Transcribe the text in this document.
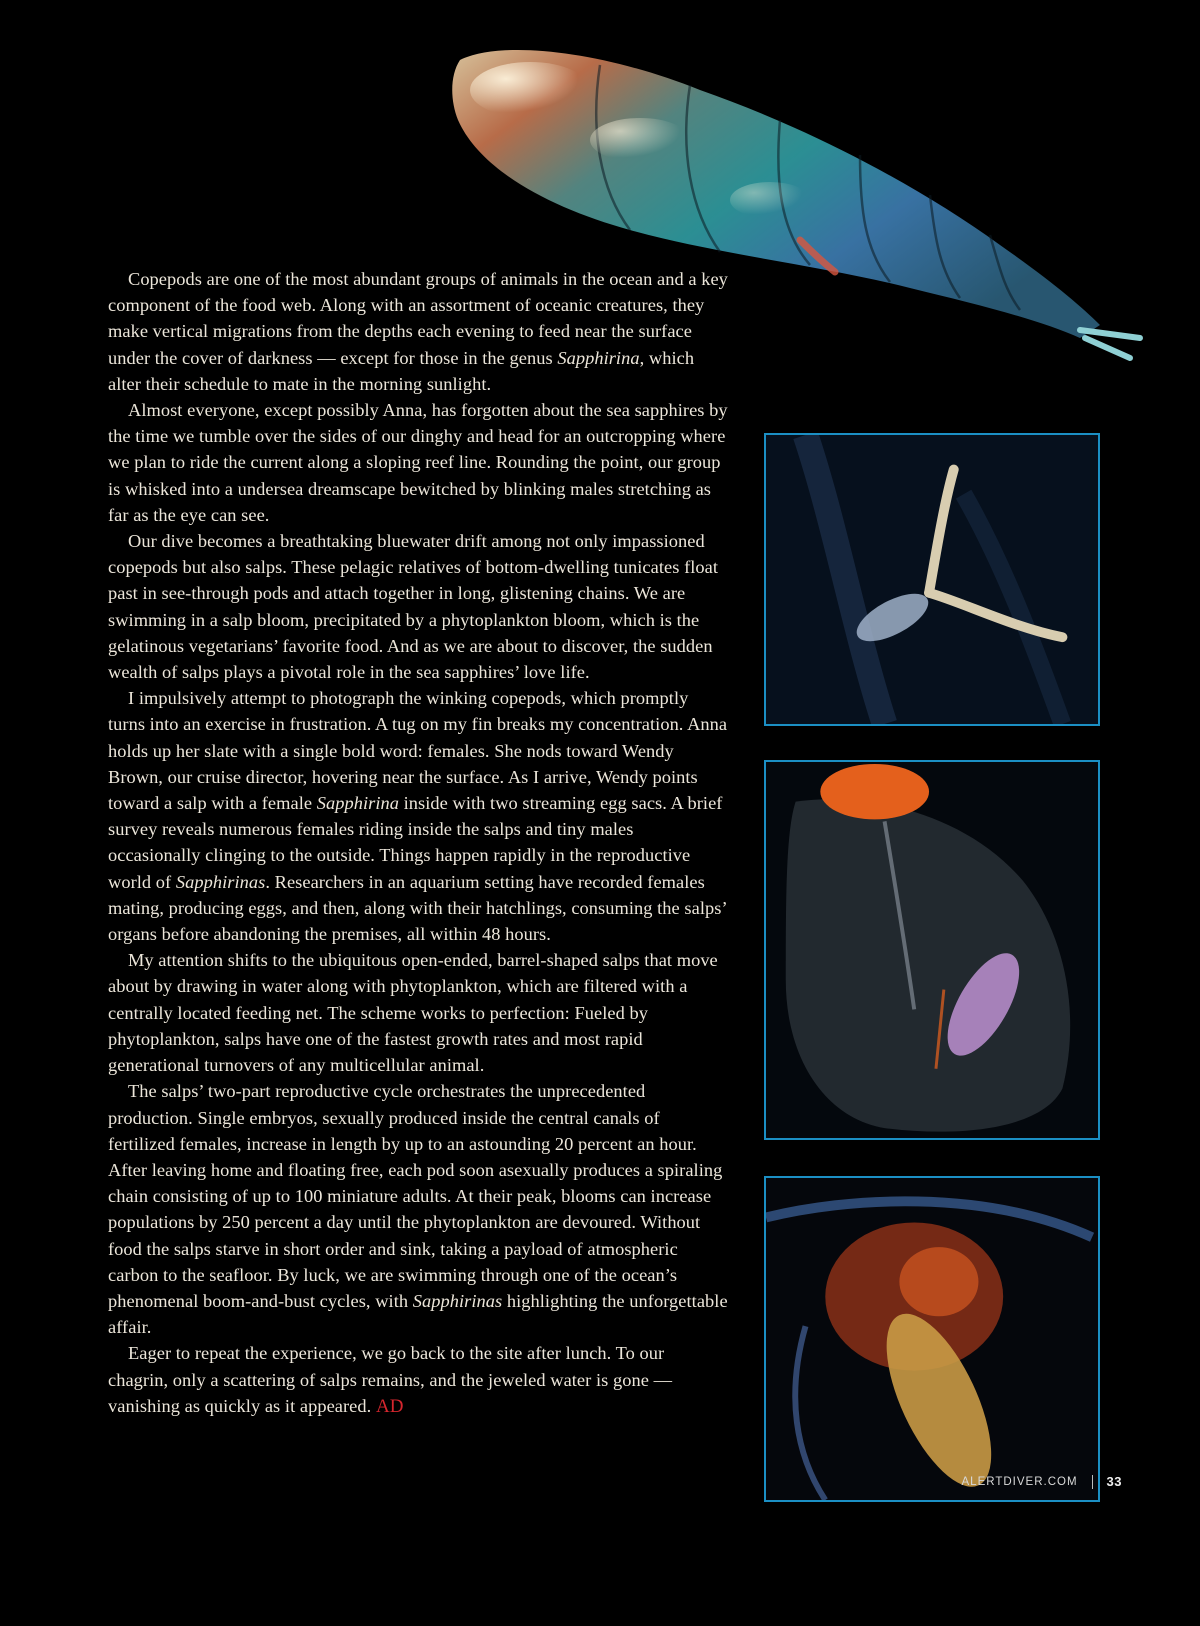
Copepods are one of the most abundant groups of animals in the ocean and a key component of the food web. Along with an assortment of oceanic creatures, they make vertical migrations from the depths each evening to feed near the surface under the cover of darkness — except for those in the genus Sapphirina, which alter their schedule to mate in the morning sunlight.

Almost everyone, except possibly Anna, has forgotten about the sea sapphires by the time we tumble over the sides of our dinghy and head for an outcropping where we plan to ride the current along a sloping reef line. Rounding the point, our group is whisked into a undersea dreamscape bewitched by blinking males stretching as far as the eye can see.

Our dive becomes a breathtaking bluewater drift among not only impassioned copepods but also salps. These pelagic relatives of bottom-dwelling tunicates float past in see-through pods and attach together in long, glistening chains. We are swimming in a salp bloom, precipitated by a phytoplankton bloom, which is the gelatinous vegetarians’ favorite food. And as we are about to discover, the sudden wealth of salps plays a pivotal role in the sea sapphires’ love life.

I impulsively attempt to photograph the winking copepods, which promptly turns into an exercise in frustration. A tug on my fin breaks my concentration. Anna holds up her slate with a single bold word: females. She nods toward Wendy Brown, our cruise director, hovering near the surface. As I arrive, Wendy points toward a salp with a female Sapphirina inside with two streaming egg sacs. A brief survey reveals numerous females riding inside the salps and tiny males occasionally clinging to the outside. Things happen rapidly in the reproductive world of Sapphirinas. Researchers in an aquarium setting have recorded females mating, producing eggs, and then, along with their hatchlings, consuming the salps’ organs before abandoning the premises, all within 48 hours.

My attention shifts to the ubiquitous open-ended, barrel-shaped salps that move about by drawing in water along with phytoplankton, which are filtered with a centrally located feeding net. The scheme works to perfection: Fueled by phytoplankton, salps have one of the fastest growth rates and most rapid generational turnovers of any multicellular animal.

The salps’ two-part reproductive cycle orchestrates the unprecedented production. Single embryos, sexually produced inside the central canals of fertilized females, increase in length by up to an astounding 20 percent an hour. After leaving home and floating free, each pod soon asexually produces a spiraling chain consisting of up to 100 miniature adults. At their peak, blooms can increase populations by 250 percent a day until the phytoplankton are devoured. Without food the salps starve in short order and sink, taking a payload of atmospheric carbon to the seafloor. By luck, we are swimming through one of the ocean’s phenomenal boom-and-bust cycles, with Sapphirinas highlighting the unforgettable affair.

Eager to repeat the experience, we go back to the site after lunch. To our chagrin, only a scattering of salps remains, and the jeweled water is gone — vanishing as quickly as it appeared. AD

ALERTDIVER.COM 33
